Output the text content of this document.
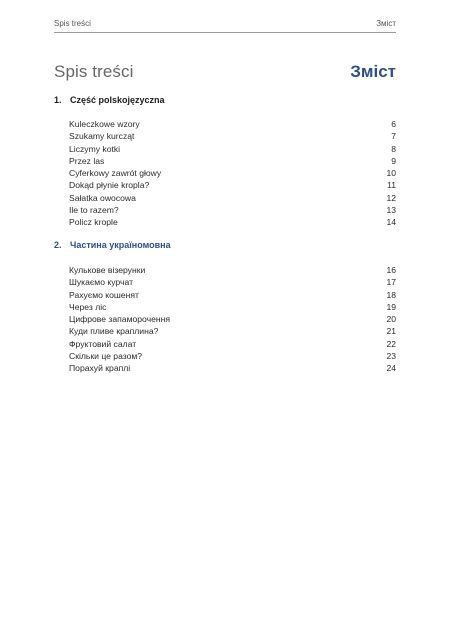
Spis treści	Зміст
Spis treści	Зміст
1. Część polskojęzyczna
Kuleczkowe wzory	6
Szukamy kurcząt	7
Liczymy kotki	8
Przez las	9
Cyferkowy zawrót głowy	10
Dokąd płynie kropla?	11
Sałatka owocowa	12
Ile to razem?	13
Policz krople	14
2. Частина україномовна
Кулькове візерунки	16
Шукаємо курчат	17
Рахуємо кошенят	18
Через ліс	19
Цифрове запаморочення	20
Куди пливе краплина?	21
Фруктовий салат	22
Скільки це разом?	23
Порахуй краплі	24
